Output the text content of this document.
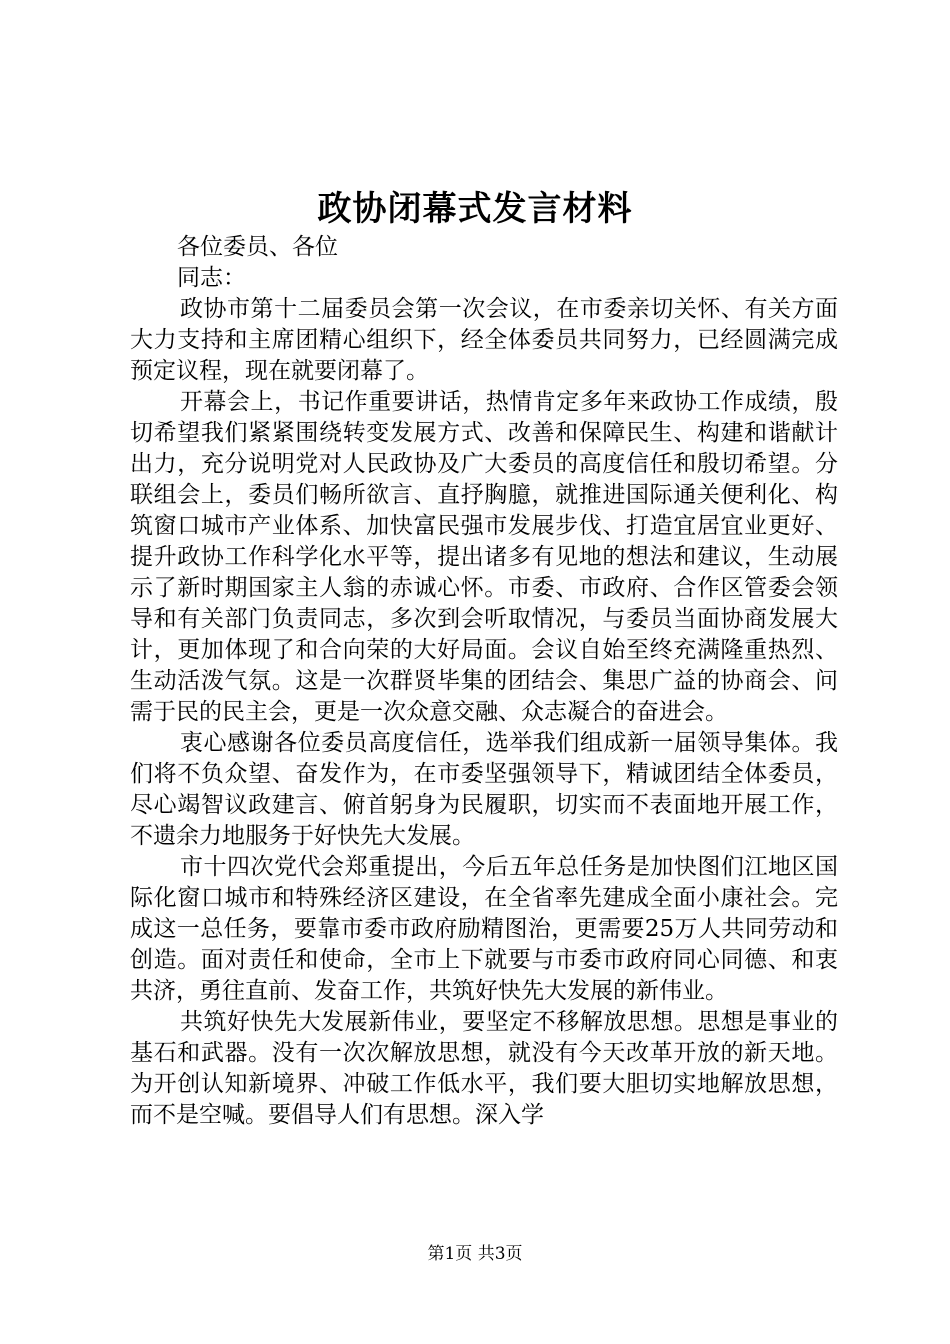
政协闭幕式发言材料
各位委员、各位
同志：

政协市第十二届委员会第一次会议，在市委亲切关怀、有关方面大力支持和主席团精心组织下，经全体委员共同努力，已经圆满完成预定议程，现在就要闭幕了。

开幕会上，书记作重要讲话，热情肯定多年来政协工作成绩，殷切希望我们紧紧围绕转变发展方式、改善和保障民生、构建和谐献计出力，充分说明党对人民政协及广大委员的高度信任和殷切希望。分联组会上，委员们畅所欲言、直抒胸臆，就推进国际通关便利化、构筑窗口城市产业体系、加快富民强市发展步伐、打造宜居宜业更好、提升政协工作科学化水平等，提出诸多有见地的想法和建议，生动展示了新时期国家主人翁的赤诚心怀。市委、市政府、合作区管委会领导和有关部门负责同志，多次到会听取情况，与委员当面协商发展大计，更加体现了和合向荣的大好局面。会议自始至终充满隆重热烈、生动活泼气氛。这是一次群贤毕集的团结会、集思广益的协商会、问需于民的民主会，更是一次众意交融、众志凝合的奋进会。

衷心感谢各位委员高度信任，选举我们组成新一届领导集体。我们将不负众望、奋发作为，在市委坚强领导下，精诚团结全体委员，尽心竭智议政建言、俯首躬身为民履职，切实而不表面地开展工作，不遗余力地服务于好快先大发展。

市十四次党代会郑重提出，今后五年总任务是加快图们江地区国际化窗口城市和特殊经济区建设，在全省率先建成全面小康社会。完成这一总任务，要靠市委市政府励精图治，更需要25万人共同劳动和创造。面对责任和使命，全市上下就要与市委市政府同心同德、和衷共济，勇往直前、发奋工作，共筑好快先大发展的新伟业。

共筑好快先大发展新伟业，要坚定不移解放思想。思想是事业的基石和武器。没有一次次解放思想，就没有今天改革开放的新天地。为开创认知新境界、冲破工作低水平，我们要大胆切实地解放思想，而不是空喊。要倡导人们有思想。深入学

第1页 共3页
